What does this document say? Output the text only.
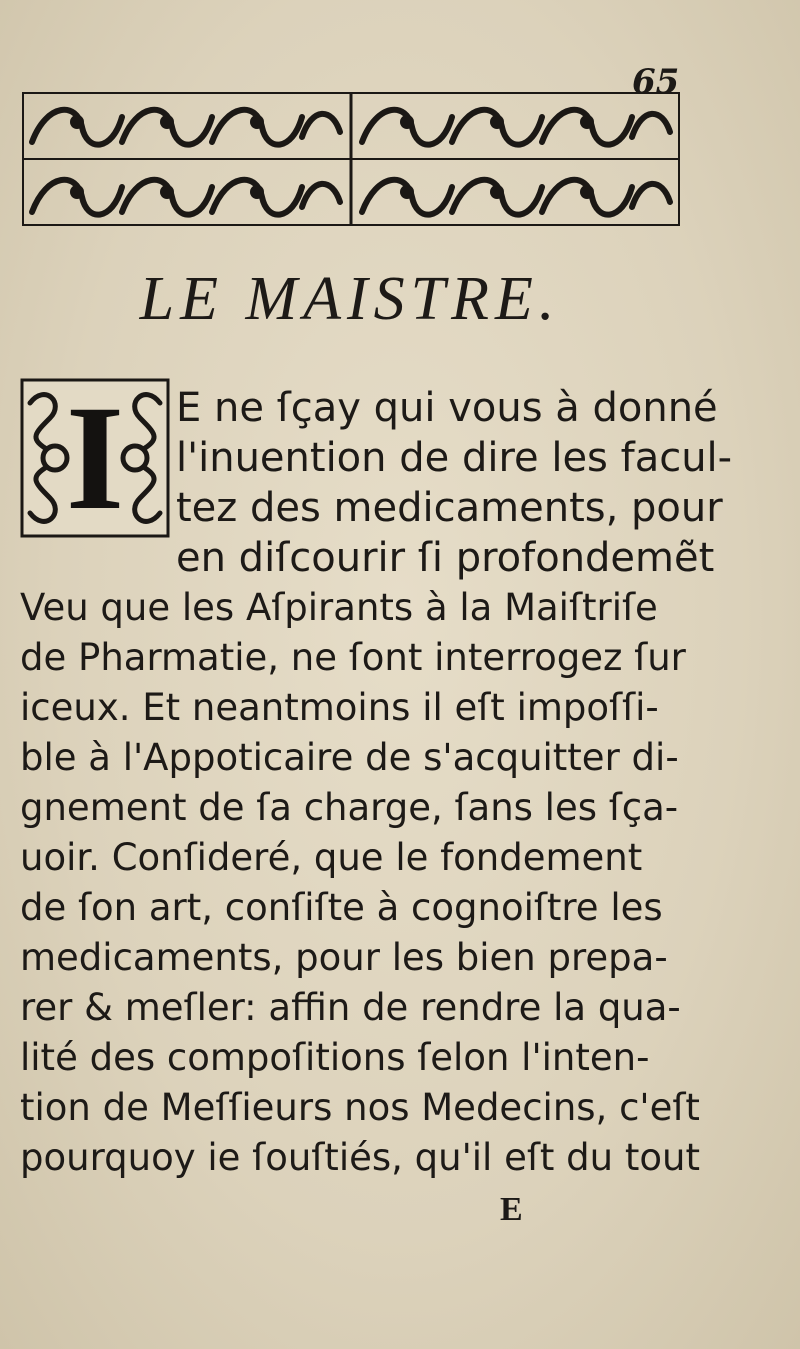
65
LE MAISTRE.
I	E ne ſçay qui vous à donné
l'inuention de dire les facul-
tez des medicaments, pour
en diſcourir ſi profondemẽt
Veu que les Aſpirants à la Maiſtriſe
de Pharmatie, ne ſont interrogez ſur
iceux. Et neantmoins il eſt impoſſi-
ble à l'Appoticaire de s'acquitter di-
gnement de ſa charge, ſans les ſça-
uoir. Conſideré, que le fondement
de ſon art, conſiſte à cognoiſtre les
medicaments, pour les bien prepa-
rer & meſler: affin de rendre la qua-
lité des compoſitions ſelon l'inten-
tion de Meſſieurs nos Medecins, c'eſt
pourquoy ie ſouſtiés, qu'il eſt du tout
E
